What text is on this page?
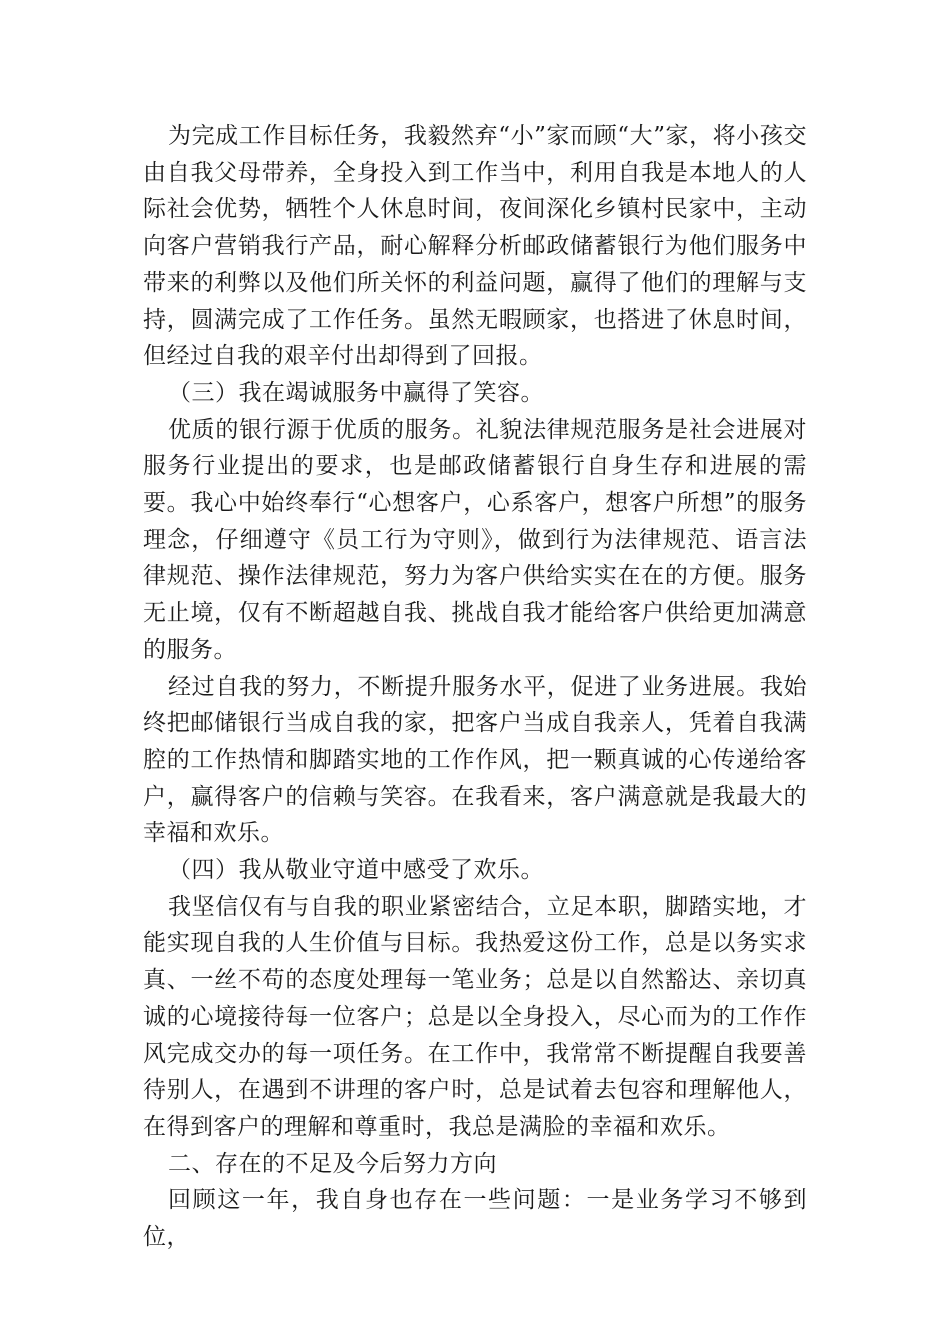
为完成工作目标任务，我毅然弃“小”家而顾“大”家，将小孩交由自我父母带养，全身投入到工作当中，利用自我是本地人的人际社会优势，牺牲个人休息时间，夜间深化乡镇村民家中，主动向客户营销我行产品，耐心解释分析邮政储蓄银行为他们服务中带来的利弊以及他们所关怀的利益问题，赢得了他们的理解与支持，圆满完成了工作任务。虽然无暇顾家，也搭进了休息时间，但经过自我的艰辛付出却得到了回报。

（三）我在竭诚服务中赢得了笑容。

优质的银行源于优质的服务。礼貌法律规范服务是社会进展对服务行业提出的要求，也是邮政储蓄银行自身生存和进展的需要。我心中始终奉行“心想客户，心系客户，想客户所想”的服务理念，仔细遵守《员工行为守则》，做到行为法律规范、语言法律规范、操作法律规范，努力为客户供给实实在在的方便。服务无止境，仅有不断超越自我、挑战自我才能给客户供给更加满意的服务。

经过自我的努力，不断提升服务水平，促进了业务进展。我始终把邮储银行当成自我的家，把客户当成自我亲人，凭着自我满腔的工作热情和脚踏实地的工作作风，把一颗真诚的心传递给客户，赢得客户的信赖与笑容。在我看来，客户满意就是我最大的幸福和欢乐。

（四）我从敬业守道中感受了欢乐。

我坚信仅有与自我的职业紧密结合，立足本职，脚踏实地，才能实现自我的人生价值与目标。我热爱这份工作，总是以务实求真、一丝不苟的态度处理每一笔业务；总是以自然豁达、亲切真诚的心境接待每一位客户；总是以全身投入，尽心而为的工作作风完成交办的每一项任务。在工作中，我常常不断提醒自我要善待别人，在遇到不讲理的客户时，总是试着去包容和理解他人，在得到客户的理解和尊重时，我总是满脸的幸福和欢乐。

二、存在的不足及今后努力方向

回顾这一年，我自身也存在一些问题：一是业务学习不够到位，
